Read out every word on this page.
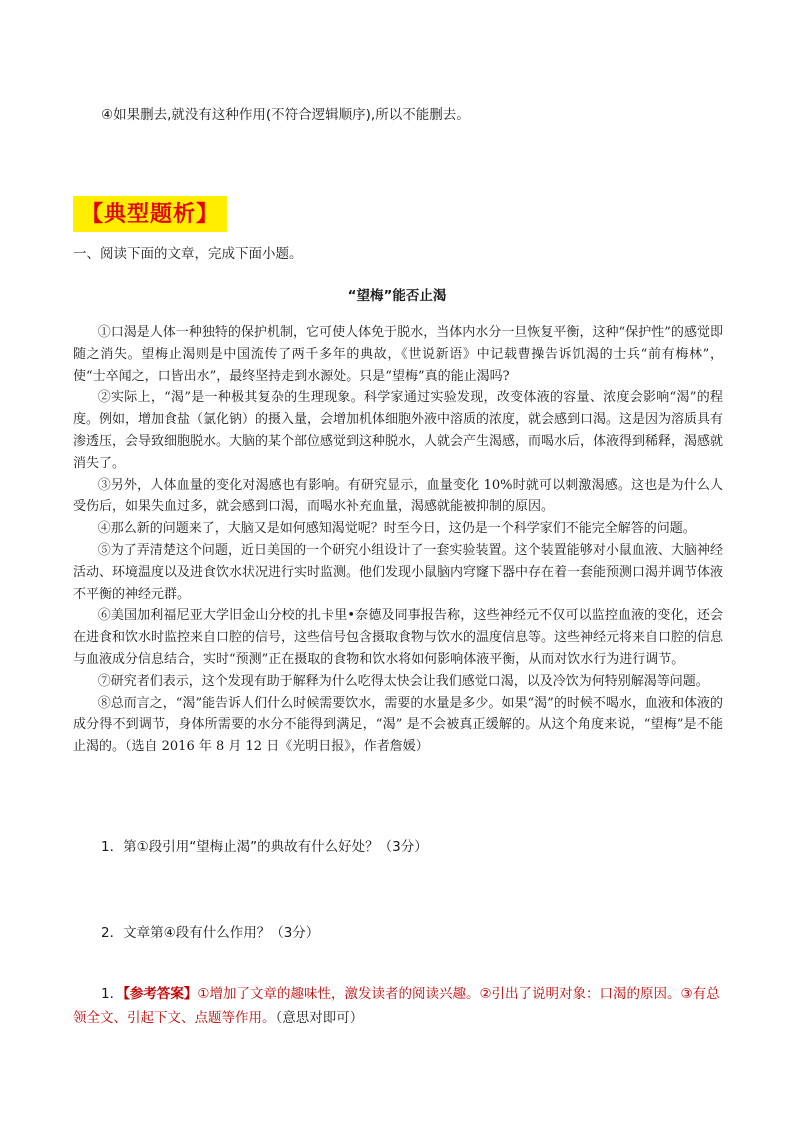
④如果删去,就没有这种作用(不符合逻辑顺序),所以不能删去。
【典型题析】
一、阅读下面的文章，完成下面小题。
“望梅”能否止渴

①口渴是人体一种独特的保护机制，它可使人体免于脱水，当体内水分一旦恢复平衡，这种“保护性”的感觉即随之消失。望梅止渴则是中国流传了两千多年的典故，《世说新语》中记载曹操告诉饥渴的士兵“前有梅林”，使“士卒闻之，口皆出水”，最终坚持走到水源处。只是“望梅”真的能止渴吗?

②实际上，“渴”是一种极其复杂的生理现象。科学家通过实验发现，改变体液的容量、浓度会影响“渴”的程度。例如，增加食盐（氯化钠）的摄入量，会增加机体细胞外液中溶质的浓度，就会感到口渴。这是因为溶质具有渗透压，会导致细胞脱水。大脑的某个部位感觉到这种脱水，人就会产生渴感，而喝水后，体液得到稀释，渴感就消失了。

③另外，人体血量的变化对渴感也有影响。有研究显示，血量变化 10%时就可以刺激渴感。这也是为什么人受伤后，如果失血过多，就会感到口渴，而喝水补充血量，渴感就能被抑制的原因。

④那么新的问题来了，大脑又是如何感知渴觉呢？时至今日，这仍是一个科学家们不能完全解答的问题。

⑤为了弄清楚这个问题，近日美国的一个研究小组设计了一套实验装置。这个装置能够对小鼠血液、大脑神经活动、环境温度以及进食饮水状况进行实时监测。他们发现小鼠脑内穹窿下器中存在着一套能预测口渴并调节体液不平衡的神经元群。

⑥美国加利福尼亚大学旧金山分校的扎卡里•奈德及同事报告称，这些神经元不仅可以监控血液的变化，还会在进食和饮水时监控来自口腔的信号，这些信号包含摄取食物与饮水的温度信息等。这些神经元将来自口腔的信息与血液成分信息结合，实时“预测”正在摄取的食物和饮水将如何影响体液平衡，从而对饮水行为进行调节。

⑦研究者们表示，这个发现有助于解释为什么吃得太快会让我们感觉口渴，以及冷饮为何特别解渴等问题。

⑧总而言之，“渴”能告诉人们什么时候需要饮水，需要的水量是多少。如果“渴”的时候不喝水，血液和体液的成分得不到调节，身体所需要的水分不能得到满足，“渴” 是不会被真正缓解的。从这个角度来说，“望梅”是不能止渴的。（选自 2016 年 8 月 12 日《光明日报》，作者詹媛）

1．第①段引用“望梅止渴”的典故有什么好处？（3分）
2．文章第④段有什么作用？（3分）
1．【参考答案】①增加了文章的趣味性，激发读者的阅读兴趣。②引出了说明对象：口渴的原因。③有总领全文、引起下文、点题等作用。（意思对即可）
